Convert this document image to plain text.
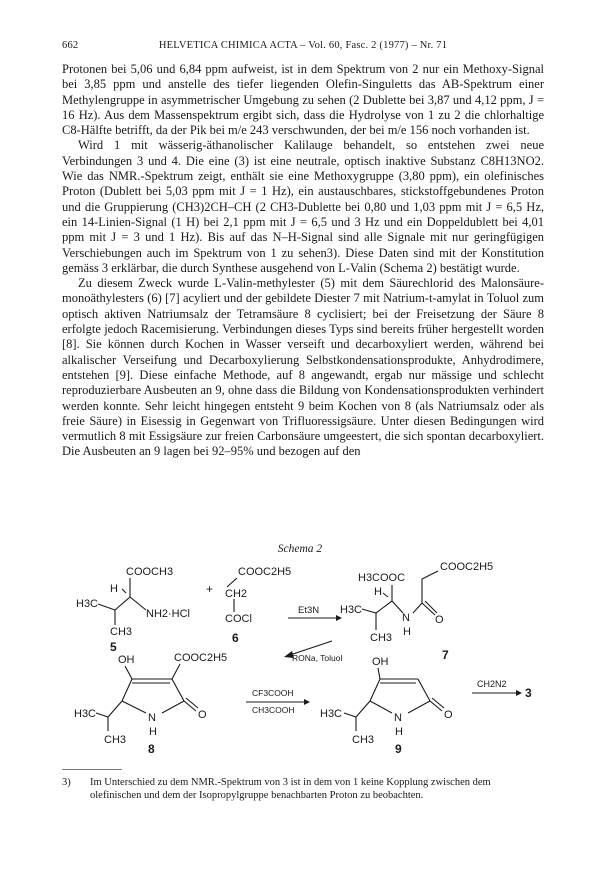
662	HELVETICA CHIMICA ACTA – Vol. 60, Fasc. 2 (1977) – Nr. 71

Protonen bei 5,06 und 6,84 ppm aufweist, ist in dem Spektrum von 2 nur ein Methoxy-Signal bei 3,85 ppm und anstelle des tiefer liegenden Olefin-Singuletts das AB-Spektrum einer Methylengruppe in asymmetrischer Umgebung zu sehen (2 Dublette bei 3,87 und 4,12 ppm, J = 16 Hz). Aus dem Massenspektrum ergibt sich, dass die Hydrolyse von 1 zu 2 die chlorhaltige C8-Hälfte betrifft, da der Pik bei m/e 243 verschwunden, der bei m/e 156 noch vorhanden ist.

Wird 1 mit wässerig-äthanolischer Kalilauge behandelt, so entstehen zwei neue Verbindungen 3 und 4. Die eine (3) ist eine neutrale, optisch inaktive Substanz C8H13NO2. Wie das NMR.-Spektrum zeigt, enthält sie eine Methoxygruppe (3,80 ppm), ein olefinisches Proton (Dublett bei 5,03 ppm mit J = 1 Hz), ein austauschbares, stickstoffgebundenes Proton und die Gruppierung (CH3)2CH–CH (2 CH3-Dublette bei 0,80 und 1,03 ppm mit J = 6,5 Hz, ein 14-Linien-Signal (1 H) bei 2,1 ppm mit J = 6,5 und 3 Hz und ein Doppeldublett bei 4,01 ppm mit J = 3 und 1 Hz). Bis auf das N–H-Signal sind alle Signale mit nur geringfügigen Verschiebungen auch im Spektrum von 1 zu sehen3). Diese Daten sind mit der Konstitution gemäss 3 erklärbar, die durch Synthese ausgehend von L-Valin (Schema 2) bestätigt wurde.

Zu diesem Zweck wurde L-Valin-methylester (5) mit dem Säurechlorid des Malonsäure-monoäthylesters (6) [7] acyliert und der gebildete Diester 7 mit Natrium-t-amylat in Toluol zum optisch aktiven Natriumsalz der Tetramsäure 8 cyclisiert; bei der Freisetzung der Säure 8 erfolgte jedoch Racemisierung. Verbindungen dieses Typs sind bereits früher hergestellt worden [8]. Sie können durch Kochen in Wasser verseift und decarboxyliert werden, während bei alkalischer Verseifung und Decarboxylierung Selbstkondensationsprodukte, Anhydrodimere, entstehen [9]. Diese einfache Methode, auf 8 angewandt, ergab nur mässige und schlecht reproduzierbare Ausbeuten an 9, ohne dass die Bildung von Kondensationsprodukten verhindert werden konnte. Sehr leicht hingegen entsteht 9 beim Kochen von 8 (als Natriumsalz oder als freie Säure) in Eisessig in Gegenwart von Trifluoressigsäure. Unter diesen Bedingungen wird vermutlich 8 mit Essigsäure zur freien Carbonsäure umgeestert, die sich spontan decarboxyliert. Die Ausbeuten an 9 lagen bei 92–95% und bezogen auf den

Schema 2
COOCH3
H
H3C
NH2·HCl
CH3
5
+
COOC2H5
CH2
COCl
6
Et3N
H3COOC
COOC2H5
H
H3C
N
H
O
CH3
7
RONa, Toluol
OH	COOC2H5
H3C	N
H
O
CH3
8
CF3COOH
CH3COOH
OH
H3C	N
H
O
CH3
9
CH2N2
3
3) Im Unterschied zu dem NMR.-Spektrum von 3 ist in dem von 1 keine Kopplung zwischen dem olefinischen und dem der Isopropylgruppe benachbarten Proton zu beobachten.
